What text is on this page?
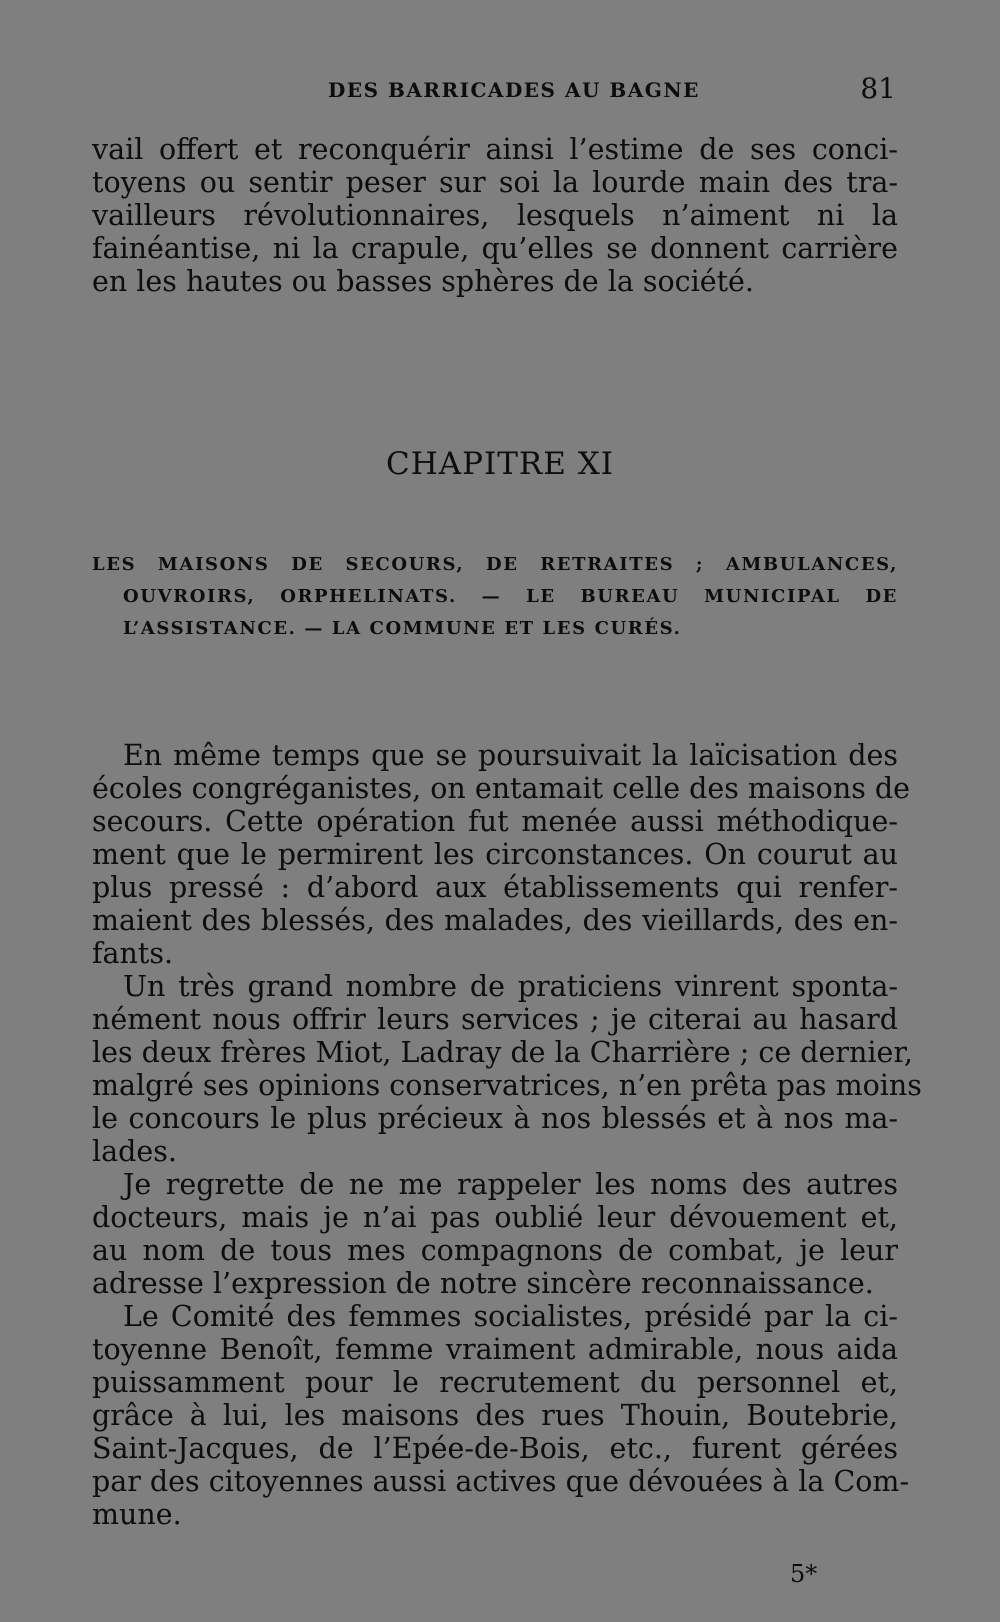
DES BARRICADES AU BAGNE	81
vail offert et reconquérir ainsi l’estime de ses conci-
toyens ou sentir peser sur soi la lourde main des tra-
vailleurs révolutionnaires, lesquels n’aiment ni la
fainéantise, ni la crapule, qu’elles se donnent carrière
en les hautes ou basses sphères de la société.
CHAPITRE XI
LES MAISONS DE SECOURS, DE RETRAITES ; AMBULANCES,
OUVROIRS, ORPHELINATS. — LE BUREAU MUNICIPAL DE
L’ASSISTANCE. — LA COMMUNE ET LES CURÉS.
En même temps que se poursuivait la laïcisation des
écoles congréganistes, on entamait celle des maisons de
secours. Cette opération fut menée aussi méthodique-
ment que le permirent les circonstances. On courut au
plus pressé : d’abord aux établissements qui renfer-
maient des blessés, des malades, des vieillards, des en-
fants.
Un très grand nombre de praticiens vinrent sponta-
nément nous offrir leurs services ; je citerai au hasard
les deux frères Miot, Ladray de la Charrière ; ce dernier,
malgré ses opinions conservatrices, n’en prêta pas moins
le concours le plus précieux à nos blessés et à nos ma-
lades.
Je regrette de ne me rappeler les noms des autres
docteurs, mais je n’ai pas oublié leur dévouement et,
au nom de tous mes compagnons de combat, je leur
adresse l’expression de notre sincère reconnaissance.
Le Comité des femmes socialistes, présidé par la ci-
toyenne Benoît, femme vraiment admirable, nous aida
puissamment pour le recrutement du personnel et,
grâce à lui, les maisons des rues Thouin, Boutebrie,
Saint-Jacques, de l’Epée-de-Bois, etc., furent gérées
par des citoyennes aussi actives que dévouées à la Com-
mune.
5*
